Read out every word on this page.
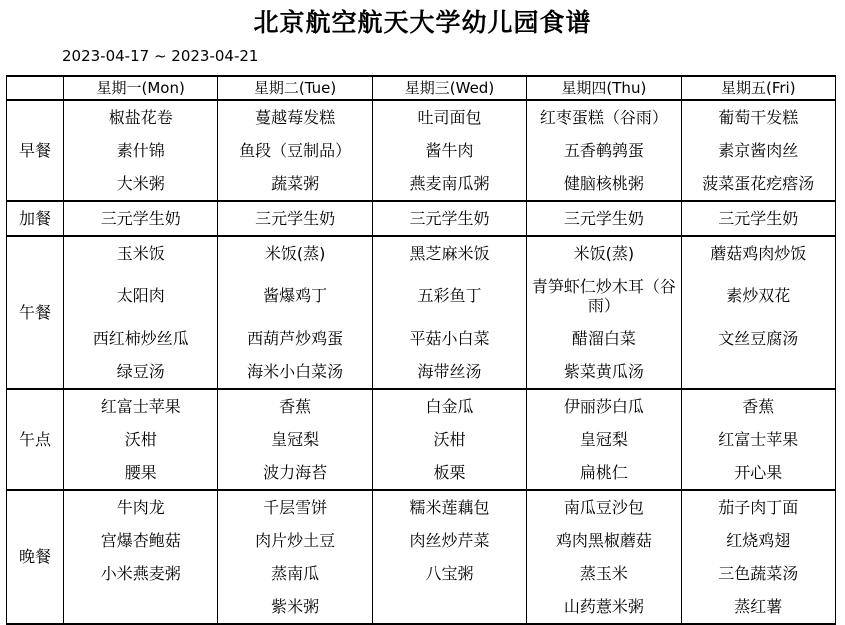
北京航空航天大学幼儿园食谱
2023-04-17 ~ 2023-04-21
	星期一(Mon)	星期二(Tue)	星期三(Wed)	星期四(Thu)	星期五(Fri)
早餐	椒盐花卷	蔓越莓发糕	吐司面包	红枣蛋糕（谷雨）	葡萄干发糕
	素什锦	鱼段（豆制品）	酱牛肉	五香鹌鹑蛋	素京酱肉丝
	大米粥	蔬菜粥	燕麦南瓜粥	健脑核桃粥	菠菜蛋花疙瘩汤
加餐	三元学生奶	三元学生奶	三元学生奶	三元学生奶	三元学生奶
午餐	玉米饭	米饭(蒸)	黑芝麻米饭	米饭(蒸)	蘑菇鸡肉炒饭
	太阳肉	酱爆鸡丁	五彩鱼丁	青笋虾仁炒木耳（谷雨）	素炒双花
	西红柿炒丝瓜	西葫芦炒鸡蛋	平菇小白菜	醋溜白菜	文丝豆腐汤
	绿豆汤	海米小白菜汤	海带丝汤	紫菜黄瓜汤	
午点	红富士苹果	香蕉	白金瓜	伊丽莎白瓜	香蕉
	沃柑	皇冠梨	沃柑	皇冠梨	红富士苹果
	腰果	波力海苔	板栗	扁桃仁	开心果
晚餐	牛肉龙	千层雪饼	糯米莲藕包	南瓜豆沙包	茄子肉丁面
	宫爆杏鲍菇	肉片炒土豆	肉丝炒芹菜	鸡肉黑椒蘑菇	红烧鸡翅
	小米燕麦粥	蒸南瓜	八宝粥	蒸玉米	三色蔬菜汤
		紫米粥		山药薏米粥	蒸红薯
